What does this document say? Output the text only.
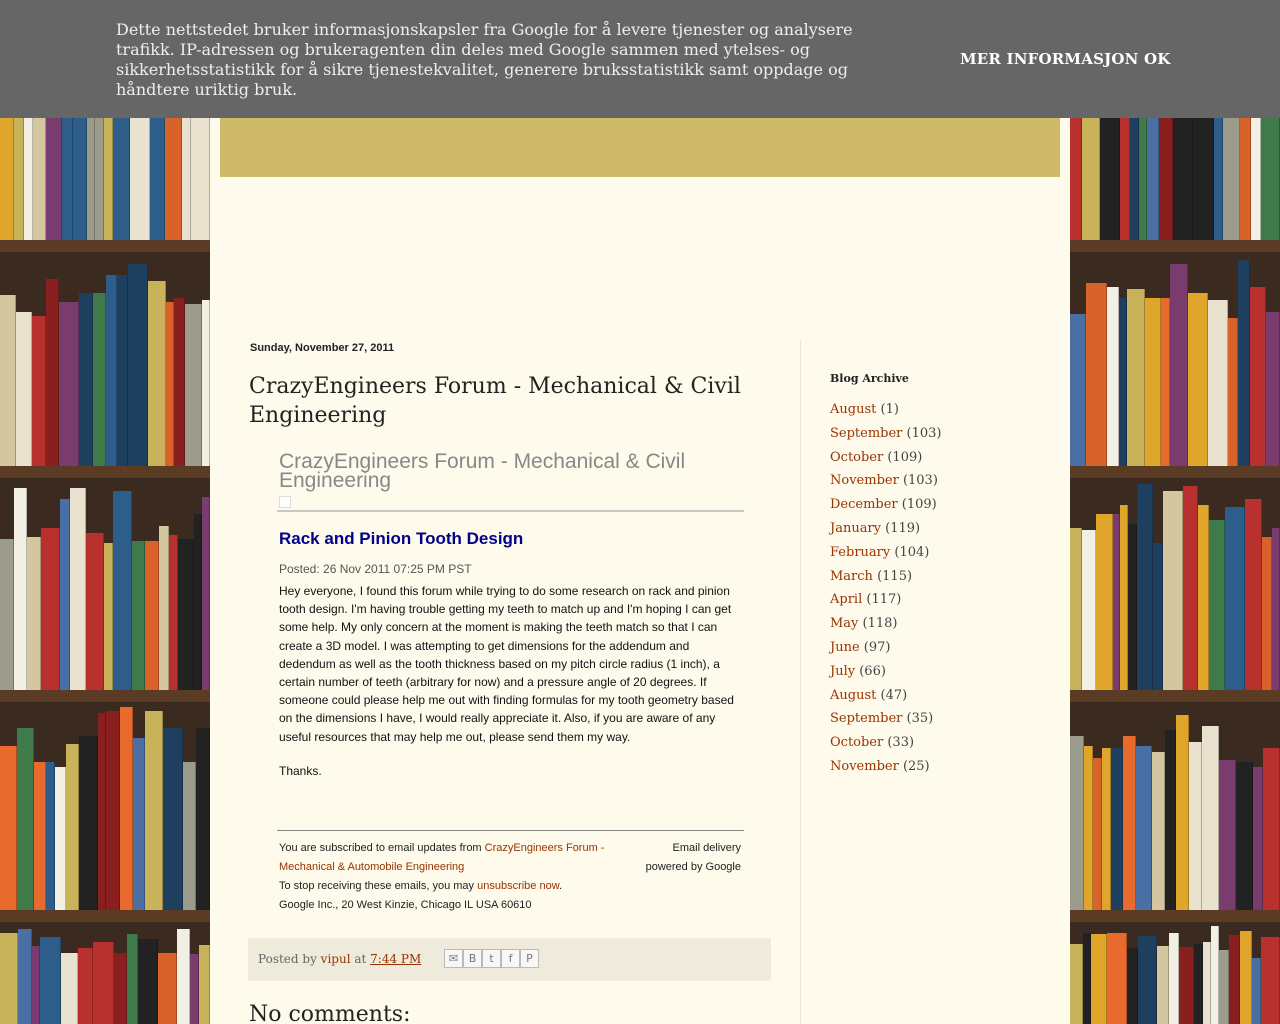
Dette nettstedet bruker informasjonskapsler fra Google for å levere tjenester og analysere trafikk. IP-adressen og brukeragenten din deles med Google sammen med ytelses- og sikkerhetsstatistikk for å sikre tjenestekvalitet, generere bruksstatistikk samt oppdage og håndtere uriktig bruk.
MER INFORMASJON OK
Sunday, November 27, 2011
CrazyEngineers Forum - Mechanical & Civil Engineering
CrazyEngineers Forum - Mechanical & Civil Engineering
Rack and Pinion Tooth Design
Posted: 26 Nov 2011 07:25 PM PST
Hey everyone, I found this forum while trying to do some research on rack and pinion tooth design. I'm having trouble getting my teeth to match up and I'm hoping I can get some help. My only concern at the moment is making the teeth match so that I can create a 3D model. I was attempting to get dimensions for the addendum and dedendum as well as the tooth thickness based on my pitch circle radius (1 inch), a certain number of teeth (arbitrary for now) and a pressure angle of 20 degrees. If someone could please help me out with finding formulas for my tooth geometry based on the dimensions I have, I would really appreciate it. Also, if you are aware of any useful resources that may help me out, please send them my way.
Thanks.
You are subscribed to email updates from CrazyEngineers Forum - Mechanical & Automobile Engineering
To stop receiving these emails, you may unsubscribe now.
Email delivery
powered by Google
Google Inc., 20 West Kinzie, Chicago IL USA 60610
Posted by vipul at 7:44 PM	✉ B	t	f	P
No comments:
Blog Archive
August (1)
September (103)
October (109)
November (103)
December (109)
January (119)
February (104)
March (115)
April (117)
May (118)
June (97)
July (66)
August (47)
September (35)
October (33)
November (25)
